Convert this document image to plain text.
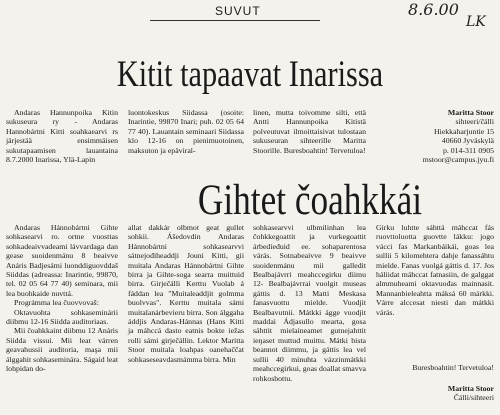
8.6.00
LK
SUVUT
Kitit tapaavat Inarissa

Andaras Hannunpoika Kitin sukuseura ry - Andaras Hannobártni Kitti soahkaearvi rs järjestää ensimmäisen sukutapaamisen lauantaina 8.7.2000 Inarissa, Ylä-Lapin

luontokeskus Siidassa (osoite: Inarintie, 99870 Inari; puh. 02 05 64 77 40). Lauantain seminaari Siidassa klo 12-16 on pienimuotoinen, maksuton ja epäviral-

linen, mutta toivomme silti, että Antti Hannunpoika Kitistä polveutuvat ilmoittaisivat tulostaan sukuseuran sihteerille Maritta Stoorille. Buresboahtin! Tervetuloa!

Maritta Stoor
sihteeri/čálli
Hiekkaharjuntie 15
40660 Jyväskylä
p. 014-311 0905
mstoor@campus.jyu.fi
Gihtet čoahkkái

Andaras Hánnobártni Gihte sohkasearvi ro. ortne vuosttas sohkadeaivvadeami lávvardaga dan gease suoidenmánu 8 beaivve Anáris Badjesámi luonddiguovddaš Siiddas (adreassa: Inarintie, 99870, tel. 02 05 64 77 40) seminara, mii lea buohkaide nuvttá.

Prográmma lea čuovvovaš:

Oktavuohta sohkaseminárii diibmu 12-16 Siidda auditoriaas.

Mii čoahkkaint diibmu 12 Anáris Siidda vissui. Mii leat várren geavahussii auditoria, maşa mii álggahit sohkaseminára. Ságaid leat lohpidan do-

allat dakkár olbmot geat gullet sohkii. Ášedovdin Andaras Hánnobártni sohkasearvvi sátnejođiheaddji Jouni Kitti, gii muitala Andaras Hánnobártni Gihte birra ja Gihte-soga searra muittuid birra. Girječálli Kerttu Vuolab á fáddan lea "Muitaleaddjit golmma buolvvas". Kerttu muitala sámi muitalanárbevieru birra. Son álggaha áddjis Andaras-Hánnas (Hans Kitti ja máhccá dasto eatnis bokte iežas rolli sámi girječállin. Lektor Maritta Stoor muitala loahpas oanehaččat sohkaseseavdasmámma birra. Min

sohkasearvvi ulbmilinhan lea čohkkegoattit ja vurkegoattit árbedieđuid ee. sohaparentosa várás. Sotnabeaivve 9 beaivve suoidenmánu mii galledit Bealbajávrri meahccegirku diimu 12- Bealbajávrrai vuolgit museas gáttis d. 13 Matti Meskasa fanasvuottu mielde. Vuodjit Bealbavutnii. Mátkki ágge vuodjit maddai Ádjasullo mearta, gosa sáhttit mielaineamet gutnejahttit ieŋaset muttud muittu. Mátki bista beannot diimmu, ja gáttis lea vel sullii 40 minuhta vázzinmátkki meahccegirkui, goas doallat smavva rohkosbottu.

Girku luhtte sáhttá máhccat fás ruovttoluotta guovtte lákku: jogo vácci fas Markanbáikái, goas lea sullii 5 kilomehtera dahje fanassáhtu mielde. Fanas vuolgá gáttis d. 17. Jos háliidat máhccat fatnasiin, de galggat almmuheami oktavuođas mainnasit. Mannanbieleahtta máksá 60 márkki. Várre alccesat niesti dan mátkki várás.

Buresboahtin! Tervetuloa!
Maritta Stoor
Čálli/sihteeri
